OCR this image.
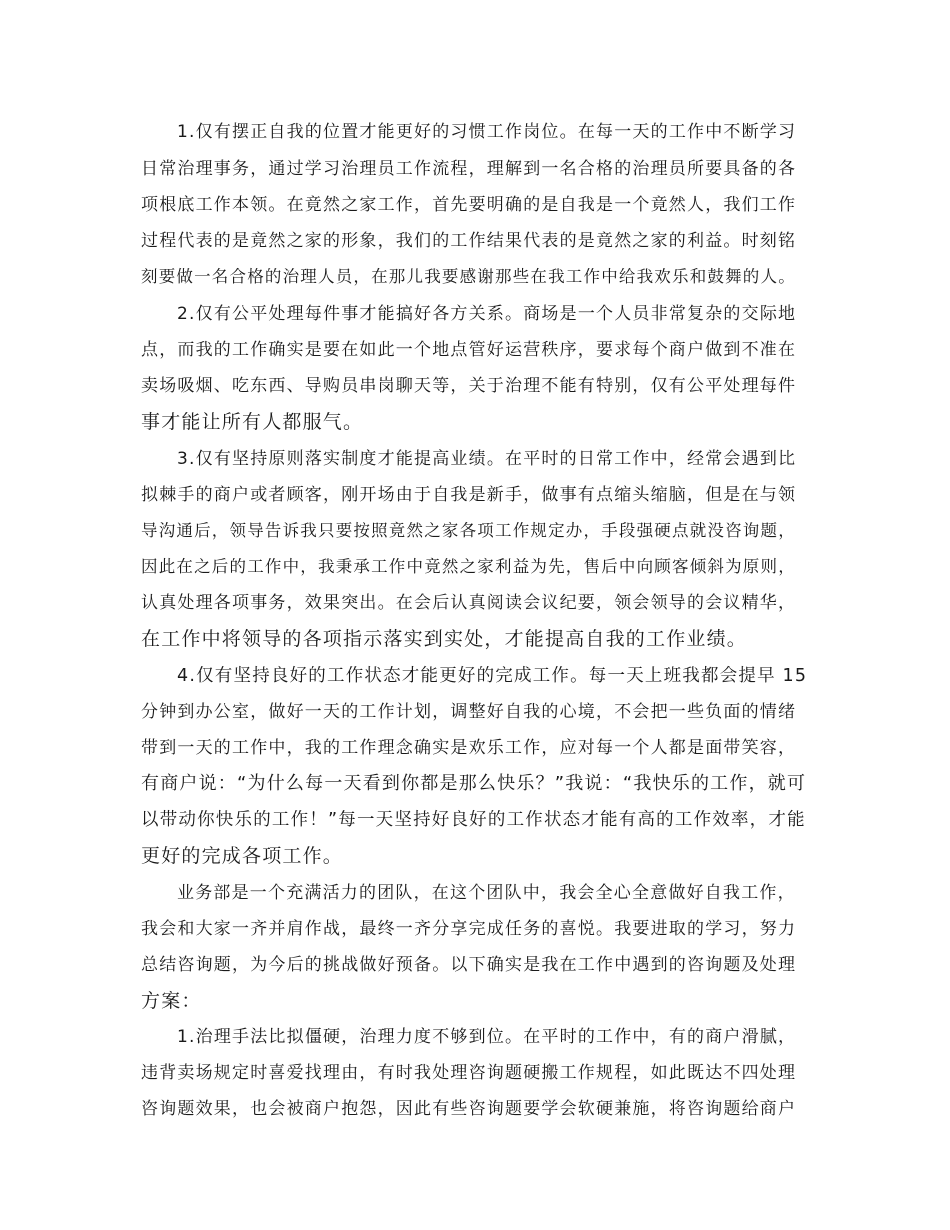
1.仅有摆正自我的位置才能更好的习惯工作岗位。在每一天的工作中不断学习
日常治理事务，通过学习治理员工作流程，理解到一名合格的治理员所要具备的各
项根底工作本领。在竟然之家工作，首先要明确的是自我是一个竟然人，我们工作
过程代表的是竟然之家的形象，我们的工作结果代表的是竟然之家的利益。时刻铭
刻要做一名合格的治理人员，在那儿我要感谢那些在我工作中给我欢乐和鼓舞的人。
2.仅有公平处理每件事才能搞好各方关系。商场是一个人员非常复杂的交际地
点，而我的工作确实是要在如此一个地点管好运营秩序，要求每个商户做到不准在
卖场吸烟、吃东西、导购员串岗聊天等，关于治理不能有特别，仅有公平处理每件
事才能让所有人都服气。
3.仅有坚持原则落实制度才能提高业绩。在平时的日常工作中，经常会遇到比
拟棘手的商户或者顾客，刚开场由于自我是新手，做事有点缩头缩脑，但是在与领
导沟通后，领导告诉我只要按照竟然之家各项工作规定办，手段强硬点就没咨询题，
因此在之后的工作中，我秉承工作中竟然之家利益为先，售后中向顾客倾斜为原则，
认真处理各项事务，效果突出。在会后认真阅读会议纪要，领会领导的会议精华，
在工作中将领导的各项指示落实到实处，才能提高自我的工作业绩。
4.仅有坚持良好的工作状态才能更好的完成工作。每一天上班我都会提早 15
分钟到办公室，做好一天的工作计划，调整好自我的心境，不会把一些负面的情绪
带到一天的工作中，我的工作理念确实是欢乐工作，应对每一个人都是面带笑容，
有商户说：“为什么每一天看到你都是那么快乐？”我说：“我快乐的工作，就可
以带动你快乐的工作！”每一天坚持好良好的工作状态才能有高的工作效率，才能
更好的完成各项工作。
业务部是一个充满活力的团队，在这个团队中，我会全心全意做好自我工作，
我会和大家一齐并肩作战，最终一齐分享完成任务的喜悦。我要进取的学习，努力
总结咨询题，为今后的挑战做好预备。以下确实是我在工作中遇到的咨询题及处理
方案：
1.治理手法比拟僵硬，治理力度不够到位。在平时的工作中，有的商户滑腻，
违背卖场规定时喜爱找理由，有时我处理咨询题硬搬工作规程，如此既达不四处理
咨询题效果，也会被商户抱怨，因此有些咨询题要学会软硬兼施，将咨询题给商户
